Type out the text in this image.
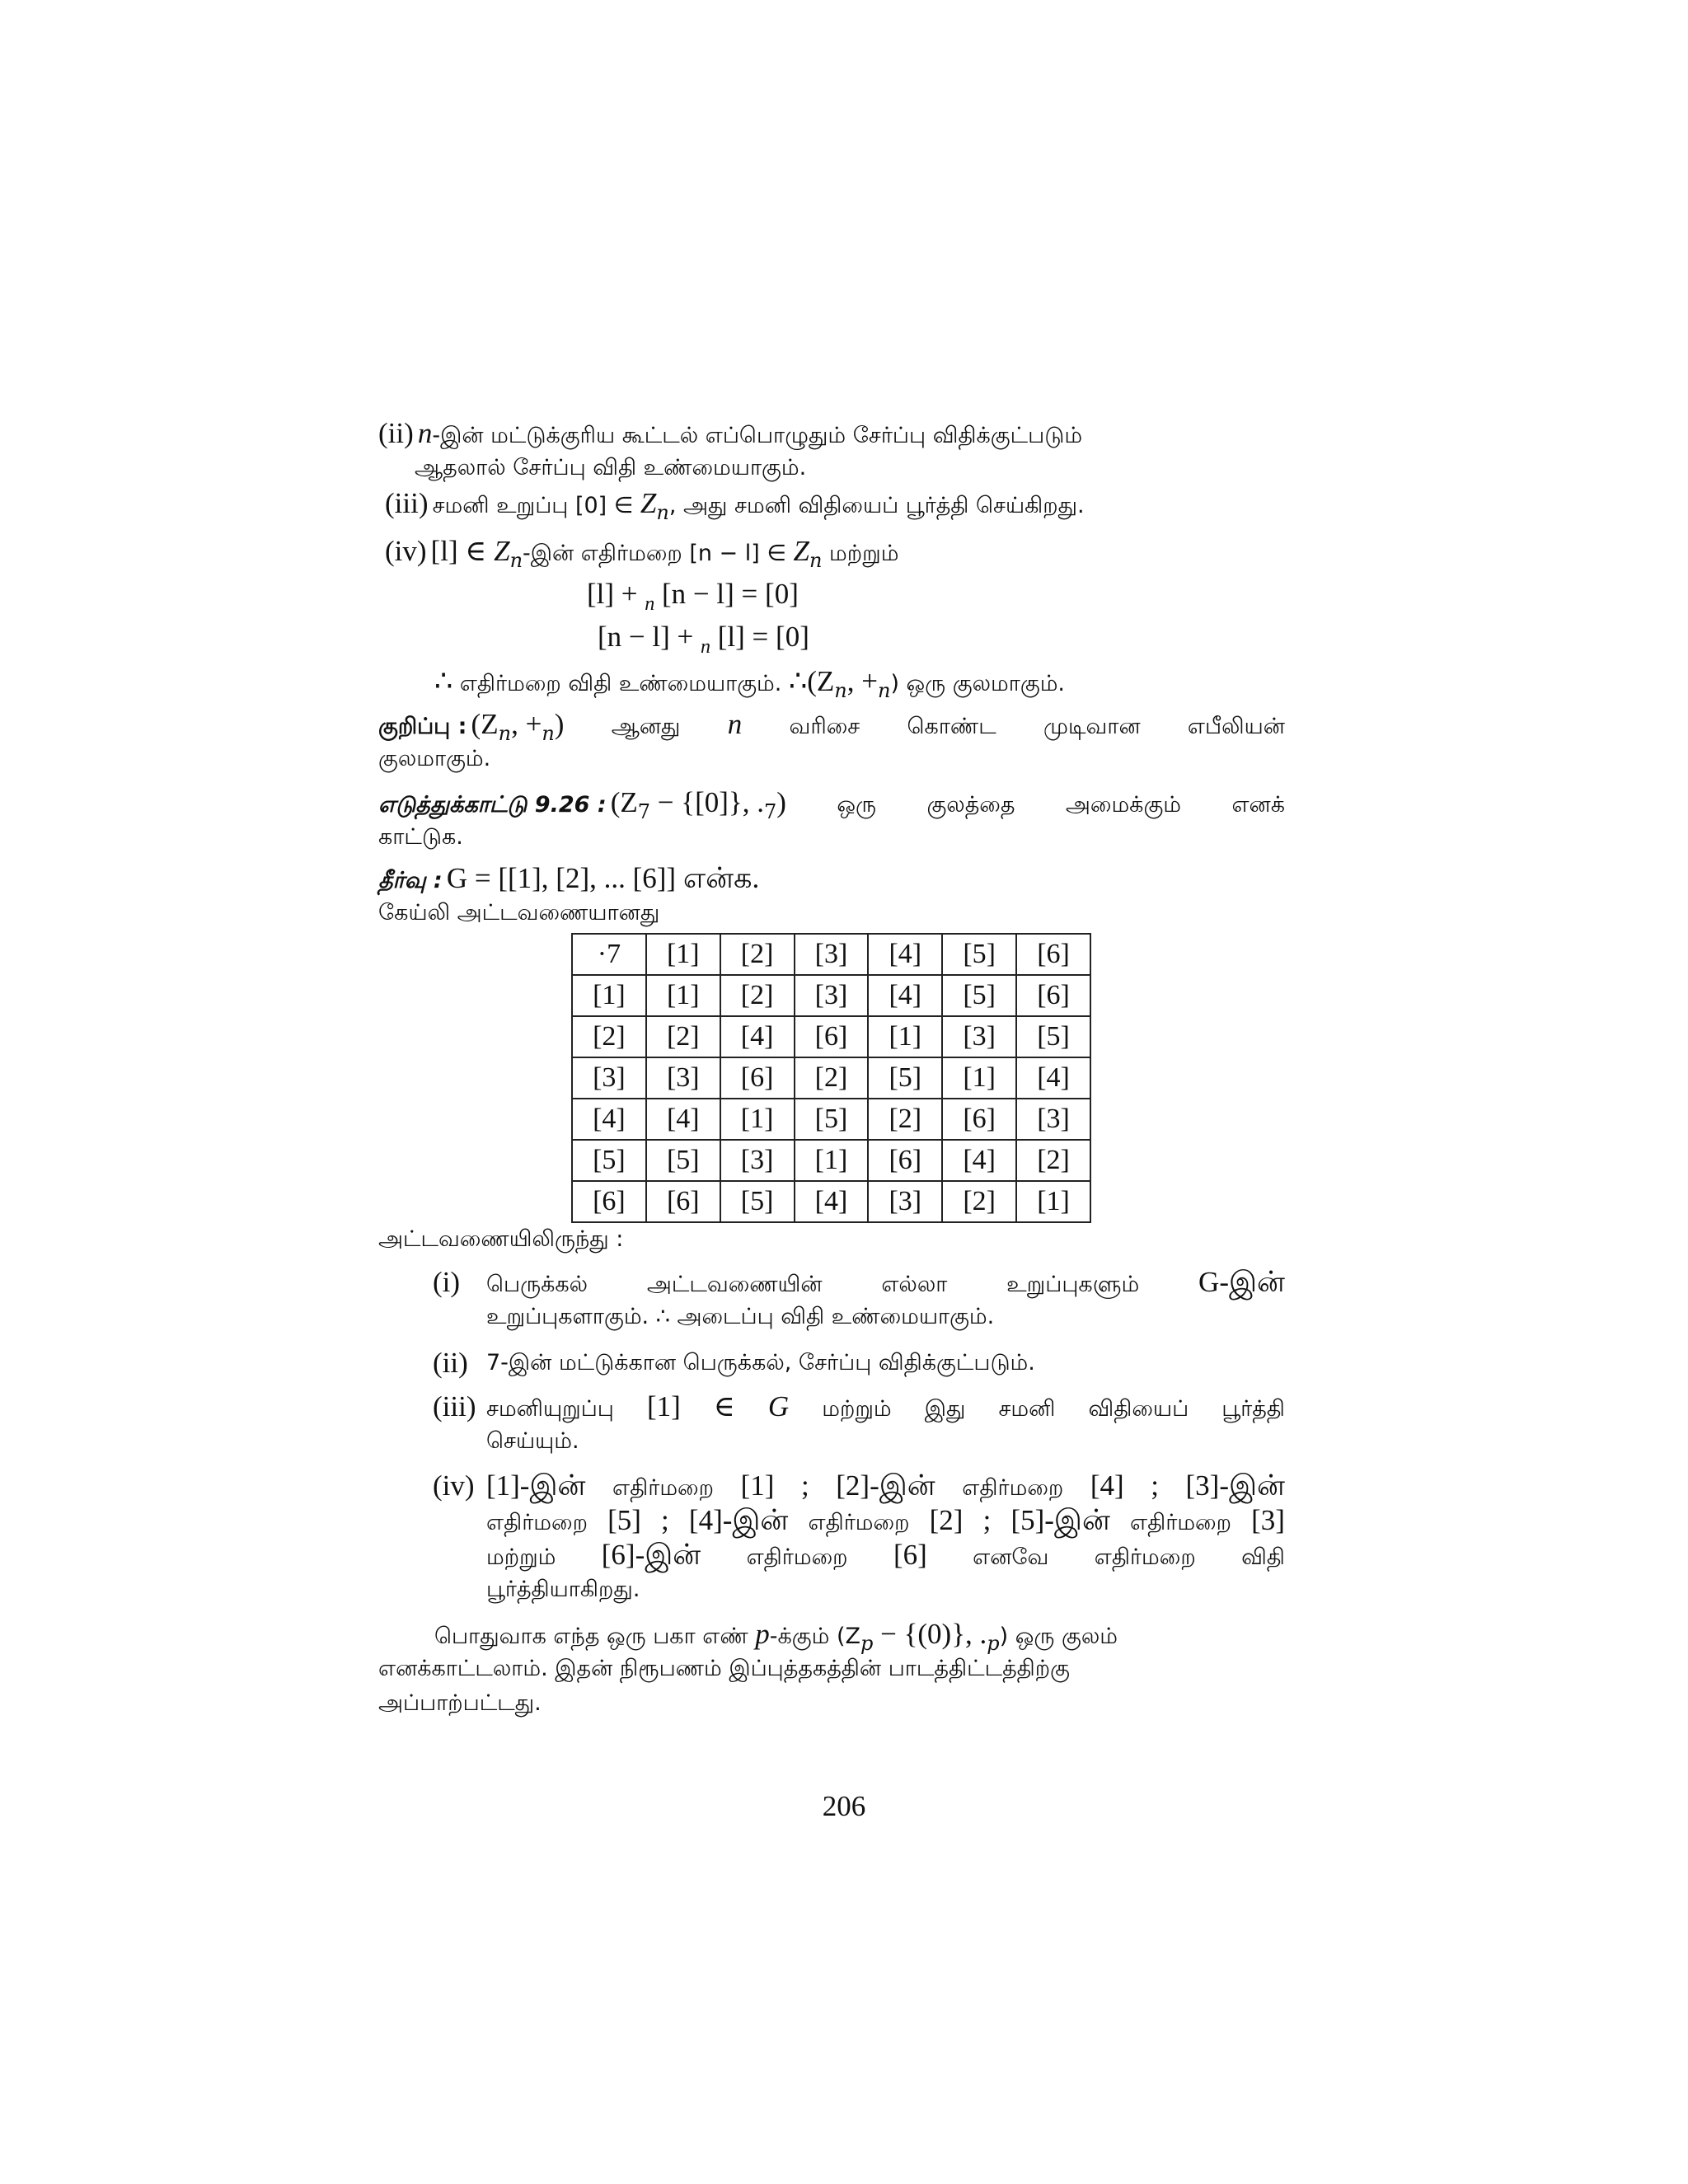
(ii) n-இன் மட்டுக்குரிய கூட்டல் எப்பொழுதும் சேர்ப்பு விதிக்குட்படும்
ஆதலால் சேர்ப்பு விதி உண்மையாகும்.
(iii) சமனி உறுப்பு [0] ∈ $Z_n$, அது சமனி விதியைப் பூர்த்தி செய்கிறது.
(iv) [l] ∈ $Z_n-இன்$ எதிர்மறை [n − l] ∈ $Z_n$ மற்றும்
[l] + $_n$ [n − l] = [0]
[n − l] + $_n$ [l] = [0]
∴ எதிர்மறை விதி உண்மையாகும். $\therefore(Z_n$, $+_n$) ஒரு குலமாகும்.
குறிப்பு : ($Z_n$, $+_n$) ஆனது n வரிசை கொண்ட முடிவான எபீலியன்
குலமாகும்.
எடுத்துக்காட்டு 9.26 : ($Z_7 - \{[0]\}$, $._7$) ஒரு குலத்தை அமைக்கும் எனக்
காட்டுக.
தீர்வு : G = [[1], [2], ... [6]] என்க.
கேய்லி அட்டவணையானது
·7	[1]	[2]	[3]	[4]	[5]	[6]
[1]	[1]	[2]	[3]	[4]	[5]	[6]
[2]	[2]	[4]	[6]	[1]	[3]	[5]
[3]	[3]	[6]	[2]	[5]	[1]	[4]
[4]	[4]	[1]	[5]	[2]	[6]	[3]
[5]	[5]	[3]	[1]	[6]	[4]	[2]
[6]	[6]	[5]	[4]	[3]	[2]	[1]
அட்டவணையிலிருந்து :
(i) பெருக்கல்	அட்டவணையின்	எல்லா	உறுப்புகளும் G-இன்
உறுப்புகளாகும். ∴ அடைப்பு விதி உண்மையாகும்.
(ii) 7-இன் மட்டுக்கான பெருக்கல், சேர்ப்பு விதிக்குட்படும்.
(iii) சமனியுறுப்பு [1] ∈ G மற்றும் இது சமனி விதியைப் பூர்த்தி
செய்யும்.
(iv) [1]-இன் எதிர்மறை [1] ; [2]-இன் எதிர்மறை [4] ; [3]-இன்
எதிர்மறை [5] ; [4]-இன் எதிர்மறை [2] ; [5]-இன் எதிர்மறை [3]
மற்றும் [6]-இன் எதிர்மறை [6] எனவே எதிர்மறை விதி
பூர்த்தியாகிறது.
பொதுவாக எந்த ஒரு பகா எண் p-க்கும் ($Z_p - \{(0)\}$, $._p$) ஒரு குலம்
எனக்காட்டலாம். இதன் நிரூபணம் இப்புத்தகத்தின் பாடத்திட்டத்திற்கு
அப்பாற்பட்டது.
206
